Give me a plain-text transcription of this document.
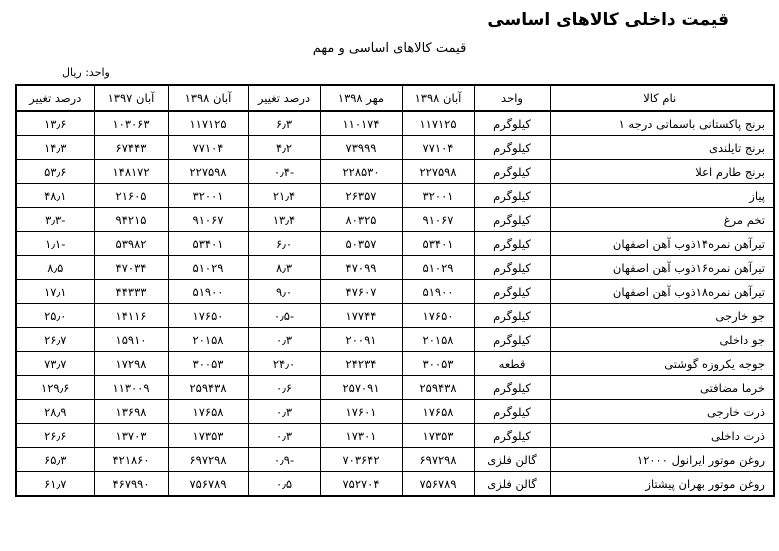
قیمت داخلی کالاهای اساسی
قیمت کالاهای اساسی و مهم
واحد: ریال
نام کالا	واحد	آبان ۱۳۹۸	مهر ۱۳۹۸	درصد تغییر	آبان ۱۳۹۸	آبان ۱۳۹۷	درصد تغییر
برنج پاکستانی باسماتی درجه ۱	کیلوگرم	۱۱۷۱۲۵	۱۱۰۱۷۴	۶٫۳	۱۱۷۱۲۵	۱۰۳۰۶۳	۱۳٫۶
برنج تایلندی	کیلوگرم	۷۷۱۰۴	۷۳۹۹۹	۴٫۲	۷۷۱۰۴	۶۷۴۴۳	۱۴٫۳
برنج طارم اعلا	کیلوگرم	۲۲۷۵۹۸	۲۲۸۵۳۰	-۰٫۴	۲۲۷۵۹۸	۱۴۸۱۷۲	۵۳٫۶
پیاز	کیلوگرم	۳۲۰۰۱	۲۶۳۵۷	۲۱٫۴	۳۲۰۰۱	۲۱۶۰۵	۴۸٫۱
تخم مرغ	کیلوگرم	۹۱۰۶۷	۸۰۳۲۵	۱۳٫۴	۹۱۰۶۷	۹۴۲۱۵	-۳٫۳
تیرآهن نمره۱۴ذوب آهن اصفهان	کیلوگرم	۵۳۴۰۱	۵۰۳۵۷	۶٫۰	۵۳۴۰۱	۵۳۹۸۲	-۱٫۱
تیرآهن نمره۱۶ذوب آهن اصفهان	کیلوگرم	۵۱۰۲۹	۴۷۰۹۹	۸٫۳	۵۱۰۲۹	۴۷۰۳۴	۸٫۵
تیرآهن نمره۱۸ذوب آهن اصفهان	کیلوگرم	۵۱۹۰۰	۴۷۶۰۷	۹٫۰	۵۱۹۰۰	۴۴۳۳۳	۱۷٫۱
جو خارجی	کیلوگرم	۱۷۶۵۰	۱۷۷۴۴	-۰٫۵	۱۷۶۵۰	۱۴۱۱۶	۲۵٫۰
جو داخلی	کیلوگرم	۲۰۱۵۸	۲۰۰۹۱	۰٫۳	۲۰۱۵۸	۱۵۹۱۰	۲۶٫۷
جوجه یکروزه گوشتی	قطعه	۳۰۰۵۳	۲۴۲۳۴	۲۴٫۰	۳۰۰۵۳	۱۷۲۹۸	۷۳٫۷
خرما مضافتی	کیلوگرم	۲۵۹۴۳۸	۲۵۷۰۹۱	۰٫۶	۲۵۹۴۳۸	۱۱۳۰۰۹	۱۲۹٫۶
ذرت خارجی	کیلوگرم	۱۷۶۵۸	۱۷۶۰۱	۰٫۳	۱۷۶۵۸	۱۳۶۹۸	۲۸٫۹
ذرت داخلی	کیلوگرم	۱۷۳۵۳	۱۷۳۰۱	۰٫۳	۱۷۳۵۳	۱۳۷۰۳	۲۶٫۶
روغن موتور ایرانول ۱۲۰۰۰	گالن فلزی	۶۹۷۲۹۸	۷۰۳۶۴۲	-۰٫۹	۶۹۷۲۹۸	۴۲۱۸۶۰	۶۵٫۳
روغن موتور بهران پیشتاز	گالن فلزی	۷۵۶۷۸۹	۷۵۲۷۰۴	۰٫۵	۷۵۶۷۸۹	۴۶۷۹۹۰	۶۱٫۷
